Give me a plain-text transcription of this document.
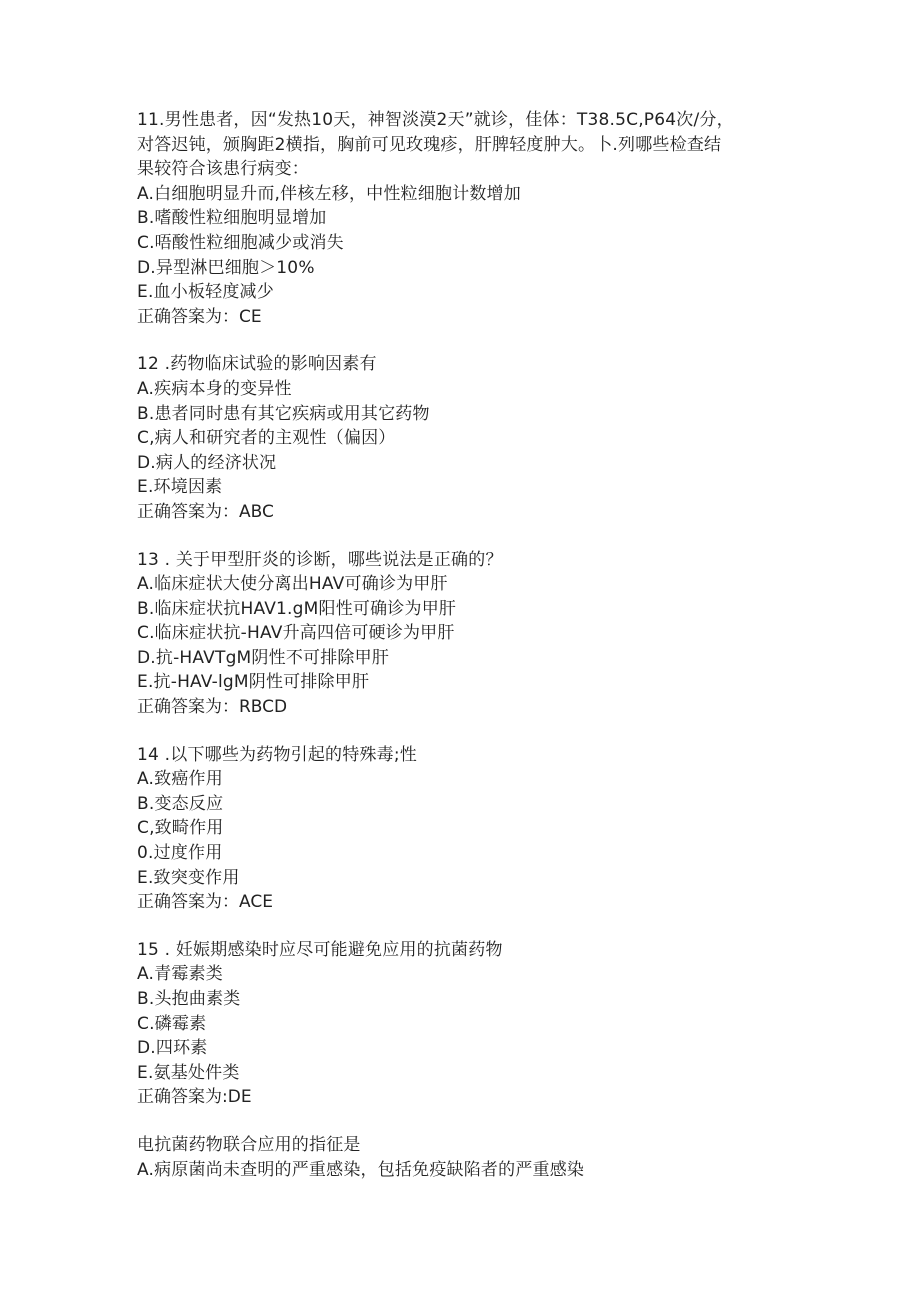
11.男性患者，因“发热10天，神智淡漠2天”就诊，佳体：T38.5C,P64次/分，
对答迟钝，颁胸距2横指，胸前可见玫瑰疹，肝脾轻度肿大。卜.列哪些检查结
果较符合该患行病变：
A.白细胞明显升而,伴核左移，中性粒细胞计数增加
B.嗜酸性粒细胞明显增加
C.唔酸性粒细胞减少或消失
D.异型淋巴细胞＞10%
E.血小板轻度减少
正确答案为：CE
12 .药物临床试验的影响因素有
A.疾病本身的变异性
B.患者同时患有其它疾病或用其它药物
C,病人和研究者的主观性（偏因）
D.病人的经济状况
E.环境因素
正确答案为：ABC
13 . 关于甲型肝炎的诊断，哪些说法是正确的？
A.临床症状大使分离出HAV可确诊为甲肝
B.临床症状抗HAV1.gM阳性可确诊为甲肝
C.临床症状抗-HAV升高四倍可硬诊为甲肝
D.抗-HAVTgM阴性不可排除甲肝
E.抗-HAV-lgM阴性可排除甲肝
正确答案为：RBCD
14 .以下哪些为药物引起的特殊毒;性
A.致癌作用
B.变态反应
C,致畸作用
0.过度作用
E.致突变作用
正确答案为：ACE
15 . 妊娠期感染时应尽可能避免应用的抗菌药物
A.青霉素类
B.头抱曲素类
C.磷霉素
D.四环素
E.氨基处件类
正确答案为:DE
电抗菌药物联合应用的指征是
A.病原菌尚未查明的严重感染，包括免疫缺陷者的严重感染
